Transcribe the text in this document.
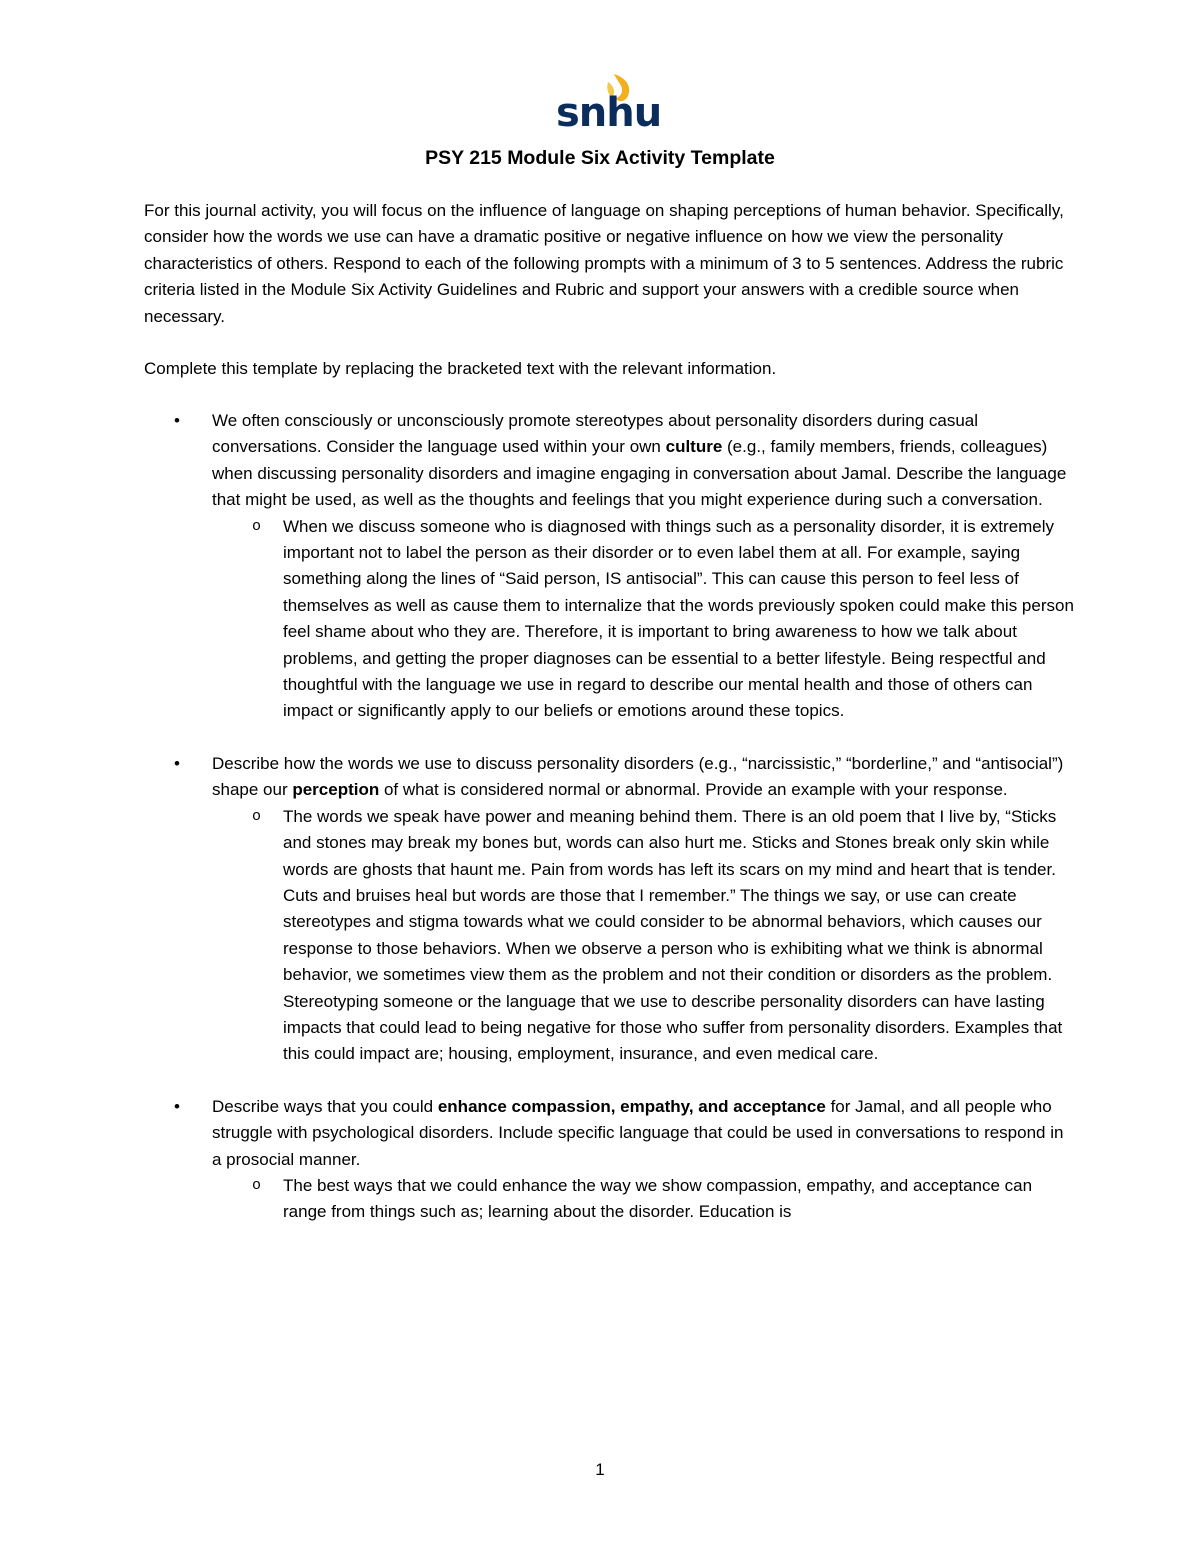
snhu
PSY 215 Module Six Activity Template
For this journal activity, you will focus on the influence of language on shaping perceptions of human behavior. Specifically, consider how the words we use can have a dramatic positive or negative influence on how we view the personality characteristics of others. Respond to each of the following prompts with a minimum of 3 to 5 sentences. Address the rubric criteria listed in the Module Six Activity Guidelines and Rubric and support your answers with a credible source when necessary.
Complete this template by replacing the bracketed text with the relevant information.
• We often consciously or unconsciously promote stereotypes about personality disorders during casual conversations. Consider the language used within your own culture (e.g., family members, friends, colleagues) when discussing personality disorders and imagine engaging in conversation about Jamal. Describe the language that might be used, as well as the thoughts and feelings that you might experience during such a conversation.
o When we discuss someone who is diagnosed with things such as a personality disorder, it is extremely important not to label the person as their disorder or to even label them at all. For example, saying something along the lines of “Said person, IS antisocial”. This can cause this person to feel less of themselves as well as cause them to internalize that the words previously spoken could make this person feel shame about who they are. Therefore, it is important to bring awareness to how we talk about problems, and getting the proper diagnoses can be essential to a better lifestyle. Being respectful and thoughtful with the language we use in regard to describe our mental health and those of others can impact or significantly apply to our beliefs or emotions around these topics.
• Describe how the words we use to discuss personality disorders (e.g., “narcissistic,” “borderline,” and “antisocial”) shape our perception of what is considered normal or abnormal. Provide an example with your response.
o The words we speak have power and meaning behind them. There is an old poem that I live by, “Sticks and stones may break my bones but, words can also hurt me. Sticks and Stones break only skin while words are ghosts that haunt me. Pain from words has left its scars on my mind and heart that is tender. Cuts and bruises heal but words are those that I remember.” The things we say, or use can create stereotypes and stigma towards what we could consider to be abnormal behaviors, which causes our response to those behaviors. When we observe a person who is exhibiting what we think is abnormal behavior, we sometimes view them as the problem and not their condition or disorders as the problem. Stereotyping someone or the language that we use to describe personality disorders can have lasting impacts that could lead to being negative for those who suffer from personality disorders. Examples that this could impact are; housing, employment, insurance, and even medical care.
• Describe ways that you could enhance compassion, empathy, and acceptance for Jamal, and all people who struggle with psychological disorders. Include specific language that could be used in conversations to respond in a prosocial manner.
o The best ways that we could enhance the way we show compassion, empathy, and acceptance can range from things such as; learning about the disorder. Education is
1
